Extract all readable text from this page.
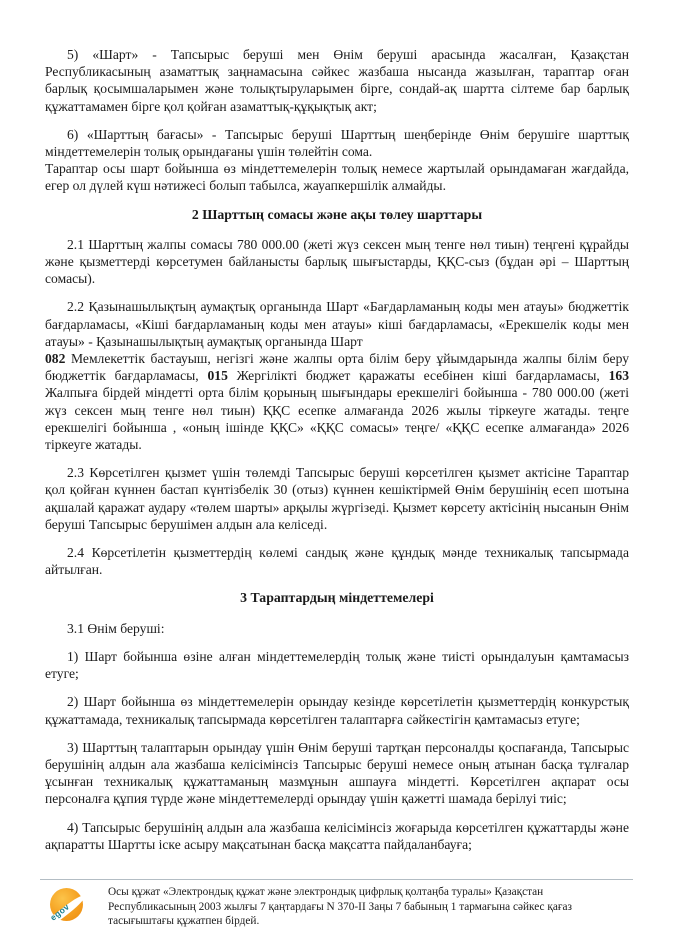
5) «Шарт» - Тапсырыс беруші мен Өнім беруші арасында жасалған, Қазақстан Республикасының азаматтық заңнамасына сәйкес жазбаша нысанда жазылған, тараптар оған барлық қосымшаларымен және толықтыруларымен бірге, сондай-ақ шартта сілтеме бар барлық құжаттамамен бірге қол қойған азаматтық-құқықтық акт;

6) «Шарттың бағасы» - Тапсырыс беруші Шарттың шеңберінде Өнім берушіге шарттық міндеттемелерін толық орындағаны үшін төлейтін сома.

Тараптар осы шарт бойынша өз міндеттемелерін толық немесе жартылай орындамаған жағдайда, егер ол дүлей күш нәтижесі болып табылса, жауапкершілік алмайды.

2 Шарттың сомасы және ақы төлеу шарттары

2.1 Шарттың жалпы сомасы 780 000.00 (жеті жүз сексен мың тенге нөл тиын) теңгені құрайды және қызметтерді көрсетумен байланысты барлық шығыстарды, ҚҚС-сыз (бұдан әрі – Шарттың сомасы).

2.2 Қазынашылықтың аумақтық органында Шарт «Бағдарламаның коды мен атауы» бюджеттік бағдарламасы, «Кіші бағдарламаның коды мен атауы» кіші бағдарламасы, «Ерекшелік коды мен атауы» - Қазынашылықтың аумақтық органында Шарт
082 Мемлекеттік бастауыш, негізгі және жалпы орта білім беру ұйымдарында жалпы білім беру бюджеттік бағдарламасы, 015 Жергілікті бюджет қаражаты есебінен кіші бағдарламасы, 163 Жалпыға бірдей міндетті орта білім қорының шығындары ерекшелігі бойынша - 780 000.00 (жеті жүз сексен мың тенге нөл тиын) ҚҚС есепке алмағанда 2026 жылы тіркеуге жатады. теңге ерекшелігі бойынша , «оның ішінде ҚҚС» «ҚҚС сомасы» теңге/ «ҚҚС есепке алмағанда» 2026 тіркеуге жатады.

2.3 Көрсетілген қызмет үшін төлемді Тапсырыс беруші көрсетілген қызмет актісіне Тараптар қол қойған күннен бастап күнтізбелік 30 (отыз) күннен кешіктірмей Өнім берушінің есеп шотына ақшалай қаражат аудару «төлем шарты» арқылы жүргізеді. Қызмет көрсету актісінің нысанын Өнім беруші Тапсырыс берушімен алдын ала келіседі.

2.4 Көрсетілетін қызметтердің көлемі сандық және құндық мәнде техникалық тапсырмада айтылған.

3 Тараптардың міндеттемелері

3.1 Өнім беруші:

1) Шарт бойынша өзіне алған міндеттемелердің толық және тиісті орындалуын қамтамасыз етуге;

2) Шарт бойынша өз міндеттемелерін орындау кезінде көрсетілетін қызметтердің конкурстық құжаттамада, техникалық тапсырмада көрсетілген талаптарға сәйкестігін қамтамасыз етуге;

3) Шарттың талаптарын орындау үшін Өнім беруші тартқан персоналды қоспағанда, Тапсырыс берушінің алдын ала жазбаша келісімінсіз Тапсырыс беруші немесе оның атынан басқа тұлғалар ұсынған техникалық құжаттаманың мазмұнын ашпауға міндетті. Көрсетілген ақпарат осы персоналға құпия түрде және міндеттемелерді орындау үшін қажетті шамада берілуі тиіс;

4) Тапсырыс берушінің алдын ала жазбаша келісімінсіз жоғарыда көрсетілген құжаттарды және ақпаратты Шартты іске асыру мақсатынан басқа мақсатта пайдаланбауға;

egov
Осы құжат «Электрондық құжат және электрондық цифрлық қолтаңба туралы» Қазақстан Республикасының 2003 жылғы 7 қаңтардағы N 370-II Заңы 7 бабының 1 тармағына сәйкес қағаз тасығыштағы құжатпен бірдей.
